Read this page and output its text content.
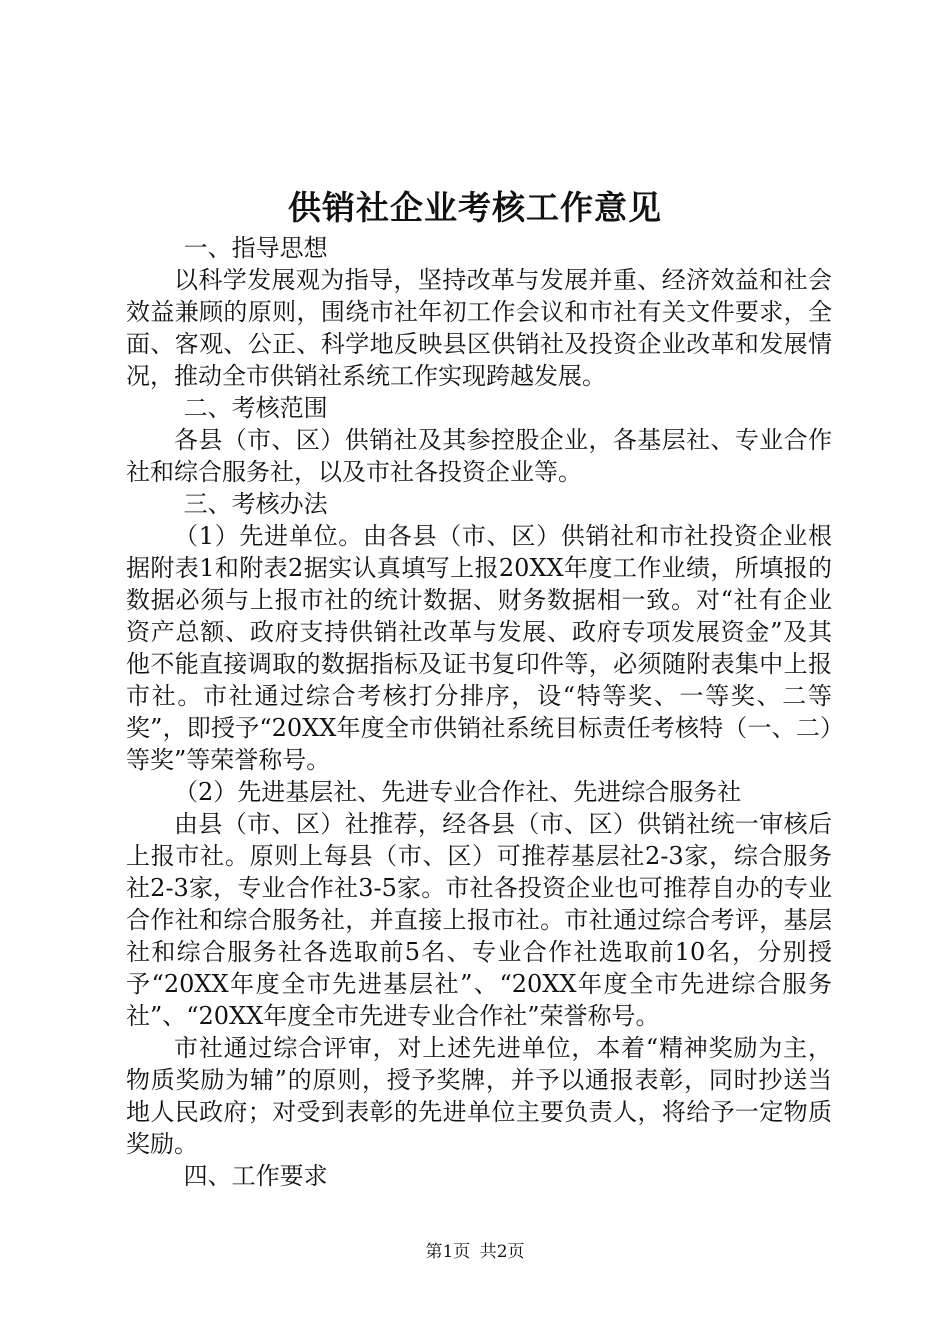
供销社企业考核工作意见

一、指导思想

以科学发展观为指导，坚持改革与发展并重、经济效益和社会效益兼顾的原则，围绕市社年初工作会议和市社有关文件要求，全面、客观、公正、科学地反映县区供销社及投资企业改革和发展情况，推动全市供销社系统工作实现跨越发展。

二、考核范围

各县（市、区）供销社及其参控股企业，各基层社、专业合作社和综合服务社，以及市社各投资企业等。

三、考核办法

（1）先进单位。由各县（市、区）供销社和市社投资企业根据附表1和附表2据实认真填写上报20XX年度工作业绩，所填报的数据必须与上报市社的统计数据、财务数据相一致。对“社有企业资产总额、政府支持供销社改革与发展、政府专项发展资金”及其他不能直接调取的数据指标及证书复印件等，必须随附表集中上报市社。市社通过综合考核打分排序，设“特等奖、一等奖、二等奖”，即授予“20XX年度全市供销社系统目标责任考核特（一、二）等奖”等荣誉称号。

（2）先进基层社、先进专业合作社、先进综合服务社

由县（市、区）社推荐，经各县（市、区）供销社统一审核后上报市社。原则上每县（市、区）可推荐基层社2-3家，综合服务社2-3家，专业合作社3-5家。市社各投资企业也可推荐自办的专业合作社和综合服务社，并直接上报市社。市社通过综合考评，基层社和综合服务社各选取前5名、专业合作社选取前10名，分别授予“20XX年度全市先进基层社”、“20XX年度全市先进综合服务社”、“20XX年度全市先进专业合作社”荣誉称号。

市社通过综合评审，对上述先进单位，本着“精神奖励为主，物质奖励为辅”的原则，授予奖牌，并予以通报表彰，同时抄送当地人民政府；对受到表彰的先进单位主要负责人，将给予一定物质奖励。

四、工作要求

第1页 共2页
